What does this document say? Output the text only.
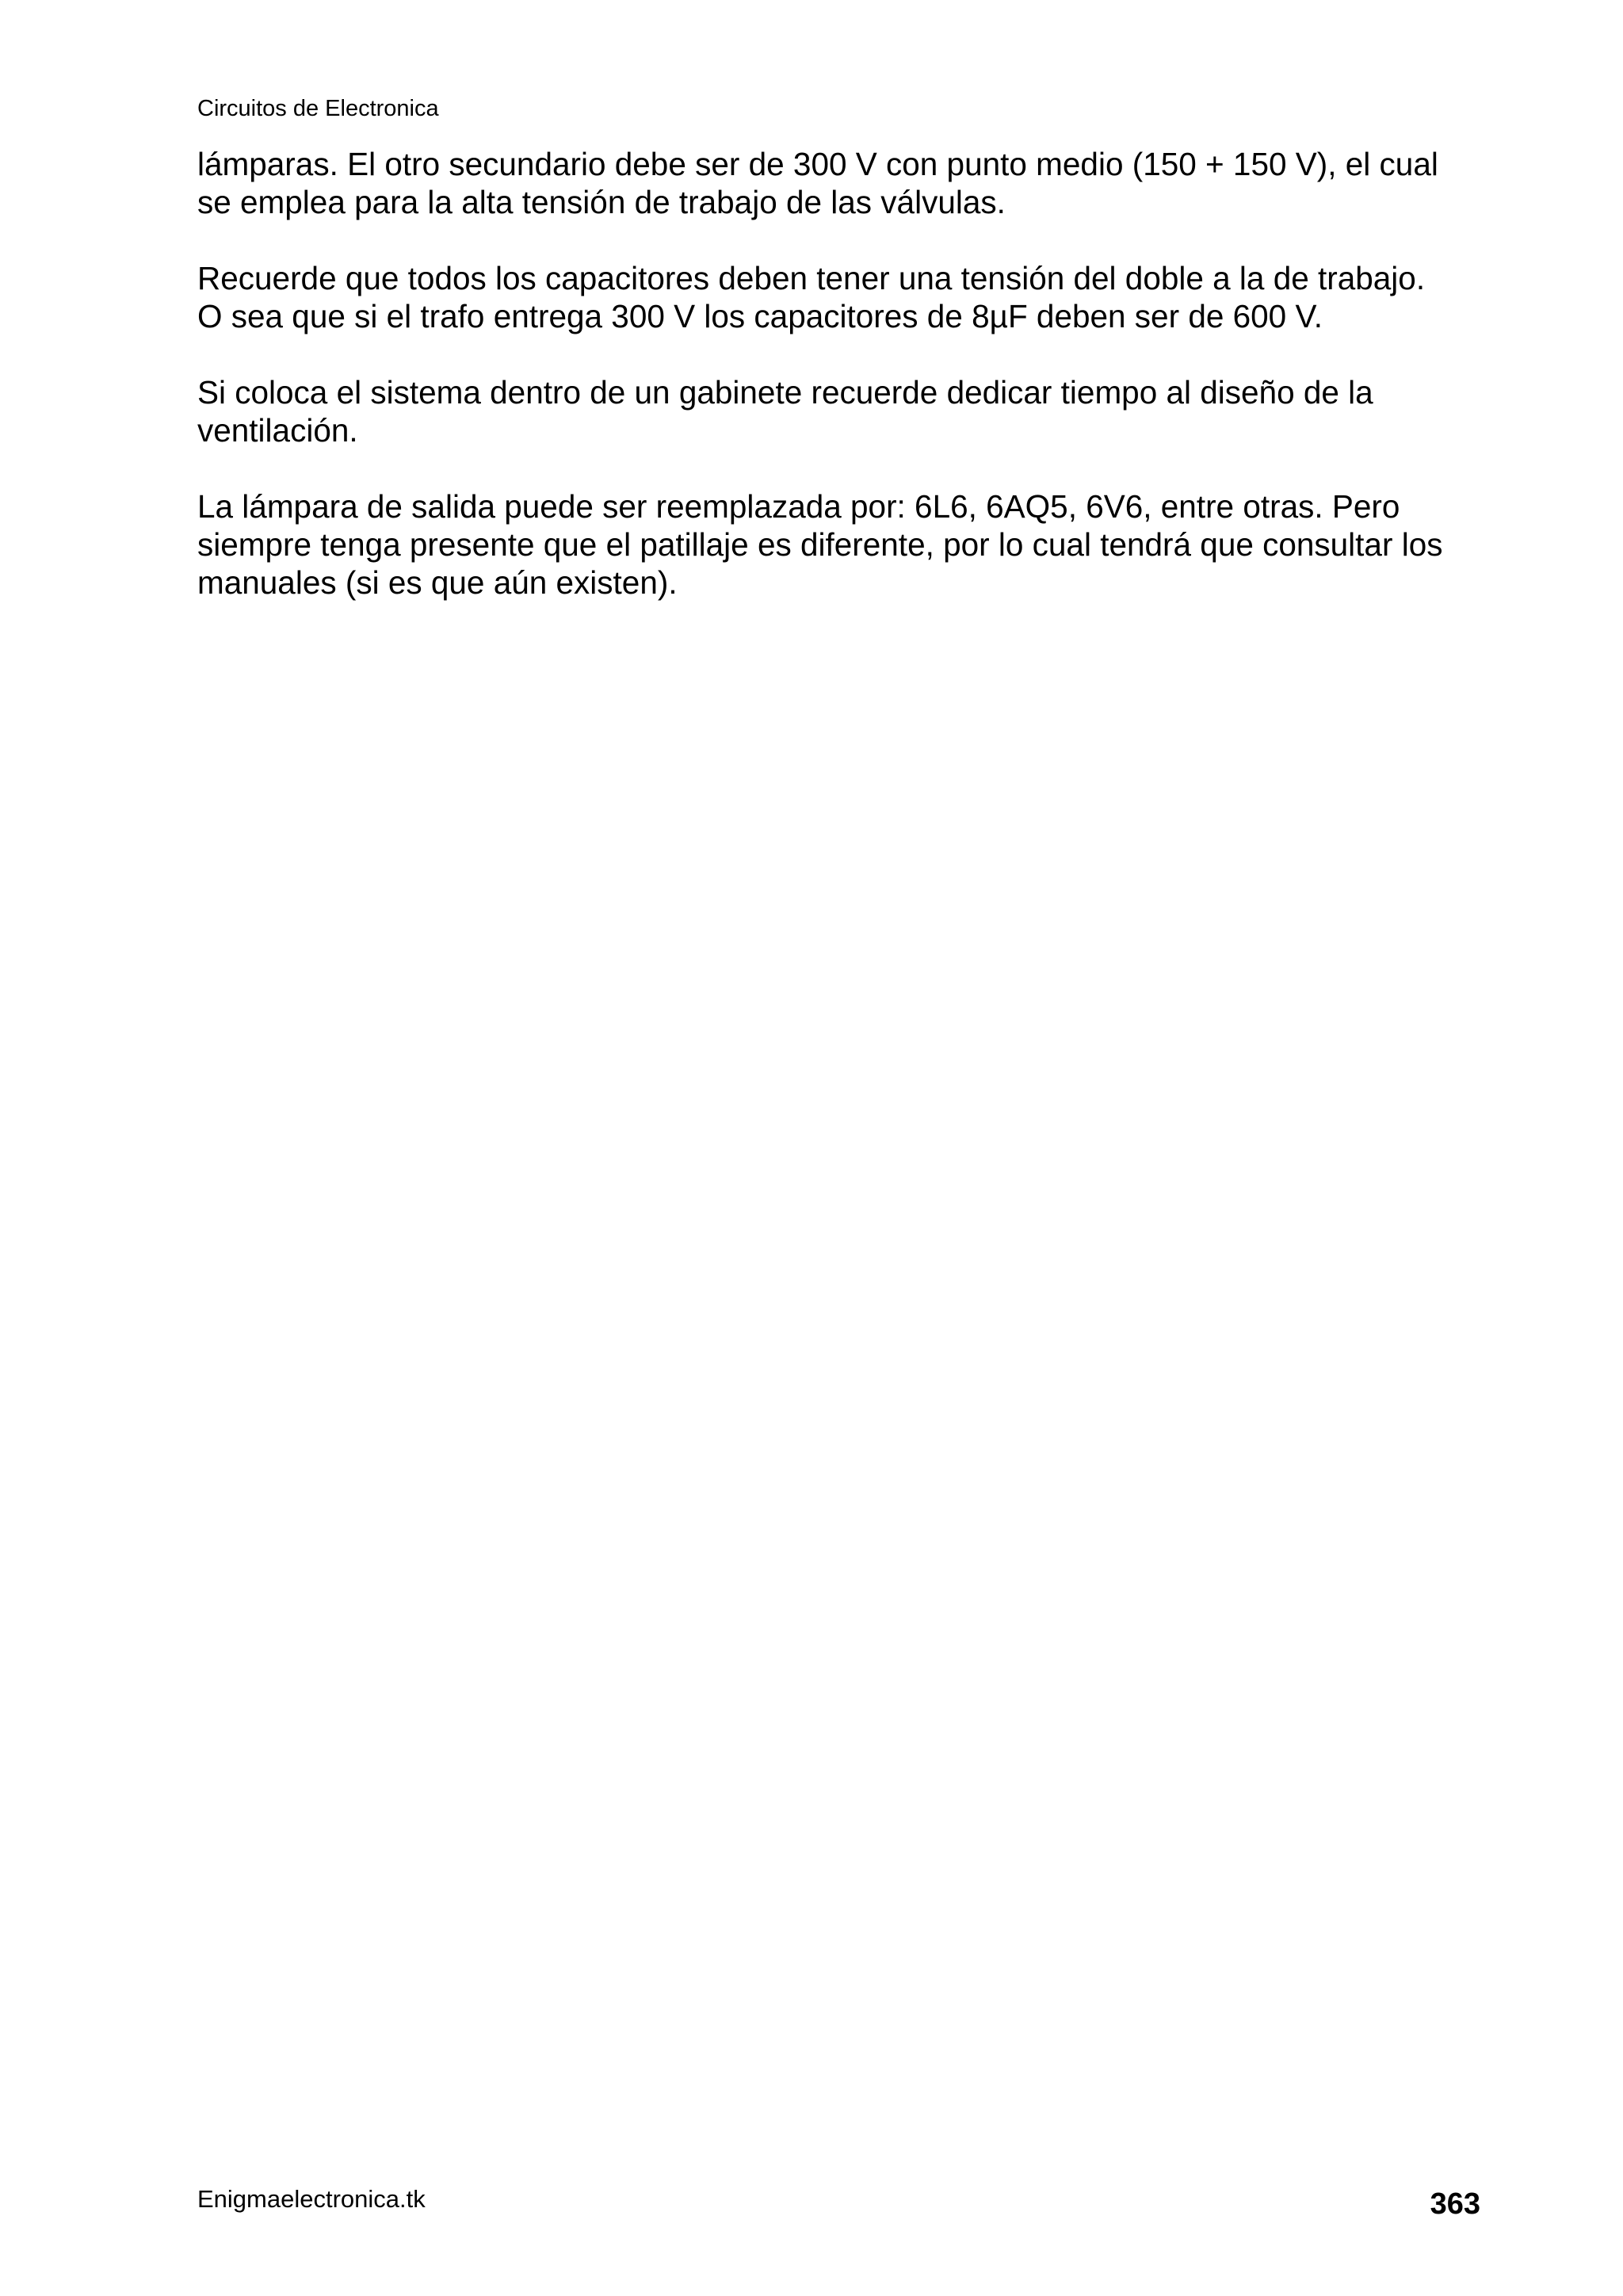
Circuitos de Electronica

lámparas. El otro secundario debe ser de 300 V con punto medio (150 + 150 V), el cual
se emplea para la alta tensión de trabajo de las válvulas.

Recuerde que todos los capacitores deben tener una tensión del doble a la de trabajo.
O sea que si el trafo entrega 300 V los capacitores de 8µF deben ser de 600 V.

Si coloca el sistema dentro de un gabinete recuerde dedicar tiempo al diseño de la
ventilación.

La lámpara de salida puede ser reemplazada por: 6L6, 6AQ5, 6V6, entre otras. Pero
siempre tenga presente que el patillaje es diferente, por lo cual tendrá que consultar los
manuales (si es que aún existen).

Enigmaelectronica.tk	363
